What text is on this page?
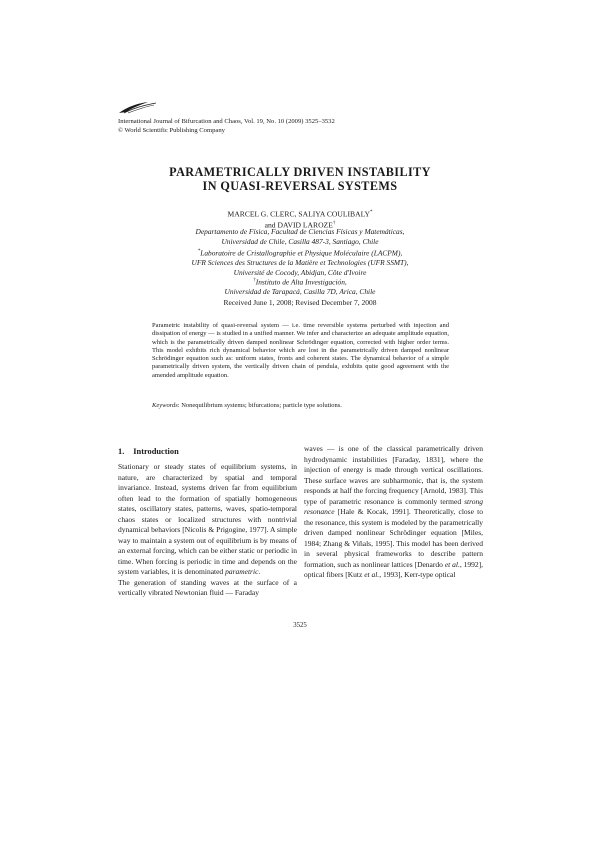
International Journal of Bifurcation and Chaos, Vol. 19, No. 10 (2009) 3525–3532
© World Scientific Publishing Company
PARAMETRICALLY DRIVEN INSTABILITY
IN QUASI-REVERSAL SYSTEMS
MARCEL G. CLERC, SALIYA COULIBALY*
and DAVID LAROZE†
Departamento de Física, Facultad de Ciencias Físicas y Matemáticas,
Universidad de Chile, Casilla 487-3, Santiago, Chile
*Laboratoire de Cristallographie et Physique Moléculaire (LACPM),
UFR Sciences des Structures de la Matière et Technologies (UFR SSMT),
Université de Cocody, Abidjan, Côte d'Ivoire
Received June 1, 2008; Revised December 7, 2008
Parametric instability of quasi-reversal system — i.e. time reversible systems perturbed with injection and dissipation of energy — is studied in a unified manner. We infer and characterize an adequate amplitude equation, which is the parametrically driven damped nonlinear Schrödinger equation, corrected with higher order terms. This model exhibits rich dynamical behavior which are lost in the parametrically driven damped nonlinear Schrödinger equation such as: uniform states, fronts and coherent states. The dynamical behavior of a simple parametrically driven system, the vertically driven chain of pendula, exhibits quite good agreement with the amended amplitude equation.
Keywords: Nonequilibrium systems; bifurcations; particle type solutions.
1. Introduction
Stationary or steady states of equilibrium systems, in nature, are characterized by spatial and temporal invariance. Instead, systems driven far from equilibrium often lead to the formation of spatially homogeneous states, oscillatory states, patterns, waves, spatio-temporal chaos states or localized structures with nontrivial dynamical behaviors [Nicolis & Prigogine, 1977]. A simple way to maintain a system out of equilibrium is by means of an external forcing, which can be either static or periodic in time. When forcing is periodic in time and depends on the system variables, it is denominated parametric.
The generation of standing waves at the surface of a vertically vibrated Newtonian fluid — Faraday
waves — is one of the classical parametrically driven hydrodynamic instabilities [Faraday, 1831], where the injection of energy is made through vertical oscillations. These surface waves are subharmonic, that is, the system responds at half the forcing frequency [Arnold, 1983]. This type of parametric resonance is commonly termed strong resonance [Hale & Kocak, 1991]. Theoretically, close to the resonance, this system is modeled by the parametrically driven damped nonlinear Schrödinger equation [Miles, 1984; Zhang & Viñals, 1995]. This model has been derived in several physical frameworks to describe pattern formation, such as nonlinear lattices [Denardo et al., 1992], optical fibers [Kutz et al., 1993], Kerr-type optical
3525
†Instituto de Alta Investigación,
Universidad de Tarapacá, Casilla 7D, Arica, Chile
